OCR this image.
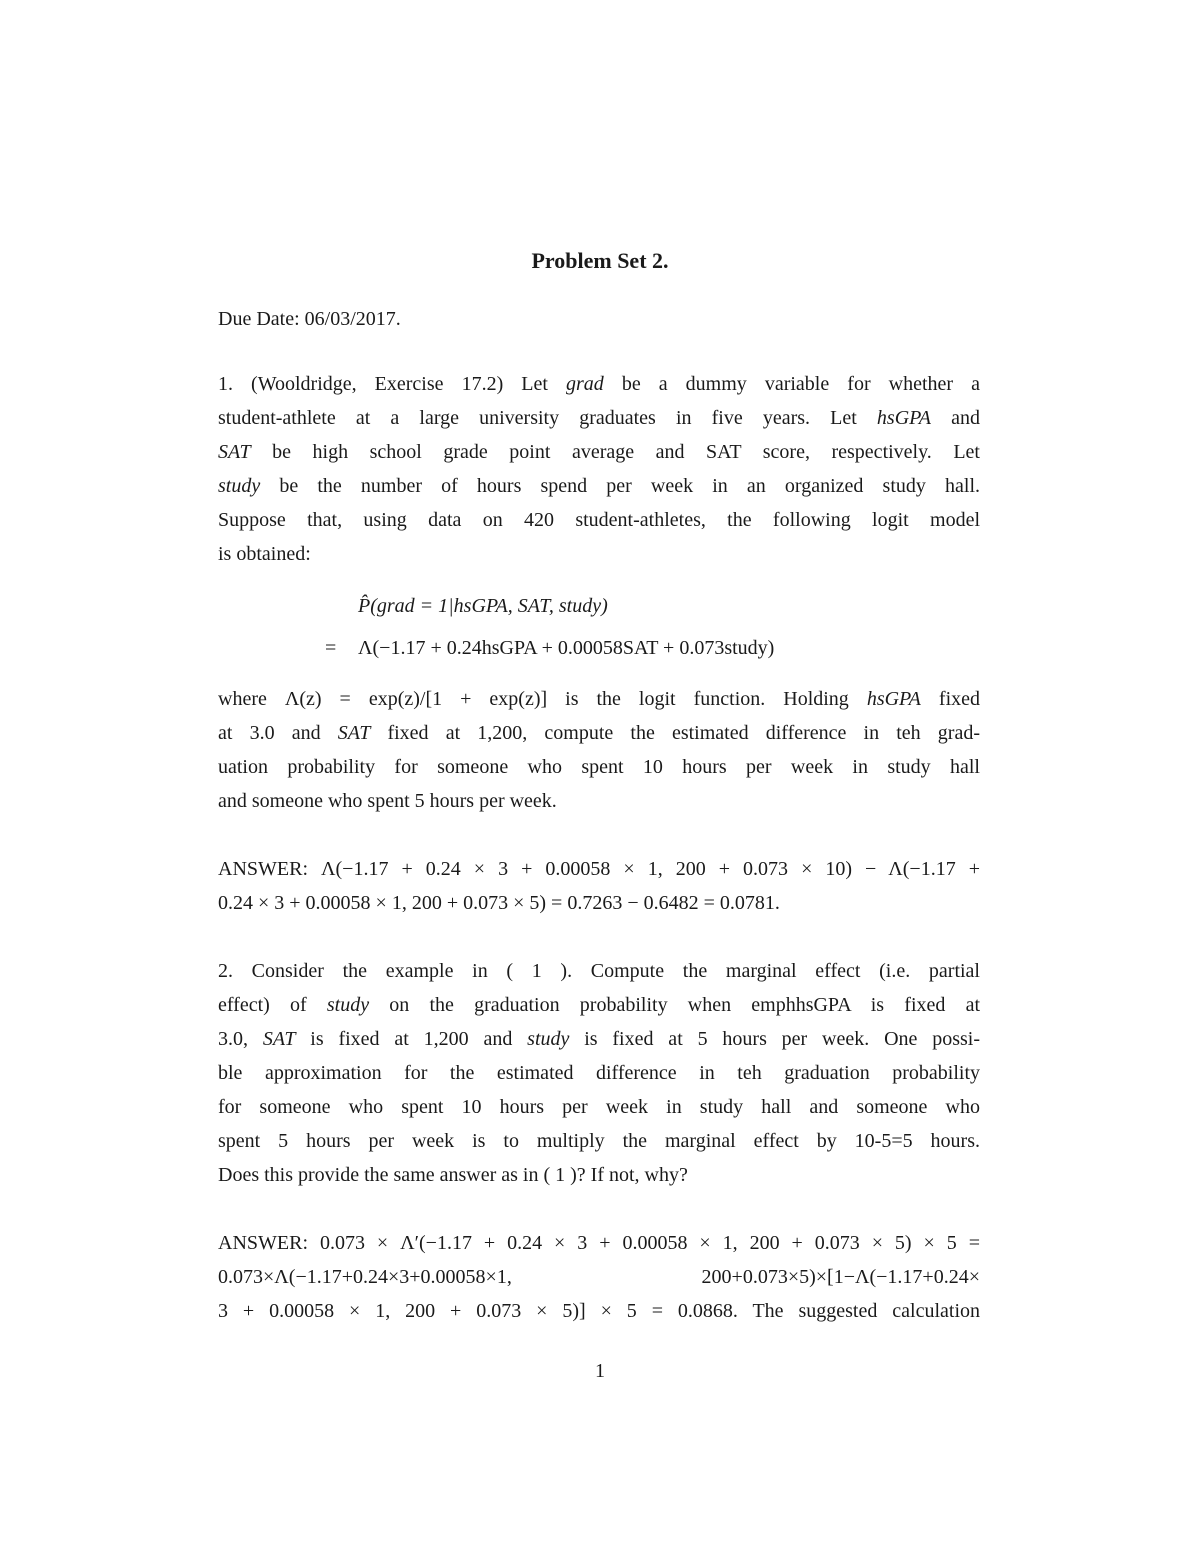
Problem Set 2.
Due Date: 06/03/2017.
1. (Wooldridge, Exercise 17.2) Let grad be a dummy variable for whether a
student-athlete at a large university graduates in five years. Let hsGPA and
SAT be high school grade point average and SAT score, respectively. Let
study be the number of hours spend per week in an organized study hall.
Suppose that, using data on 420 student-athletes, the following logit model
is obtained:
P̂(grad = 1|hsGPA, SAT, study)
= Λ(−1.17 + 0.24hsGPA + 0.00058SAT + 0.073study)
where Λ(z) = exp(z)/[1 + exp(z)] is the logit function. Holding hsGPA fixed
at 3.0 and SAT fixed at 1,200, compute the estimated difference in teh grad-
uation probability for someone who spent 10 hours per week in study hall
and someone who spent 5 hours per week.
ANSWER: Λ(−1.17 + 0.24 × 3 + 0.00058 × 1, 200 + 0.073 × 10) − Λ(−1.17 +
0.24 × 3 + 0.00058 × 1, 200 + 0.073 × 5) = 0.7263 − 0.6482 = 0.0781.
2. Consider the example in ( 1 ). Compute the marginal effect (i.e. partial
effect) of study on the graduation probability when emphhsGPA is fixed at
3.0, SAT is fixed at 1,200 and study is fixed at 5 hours per week. One possi-
ble approximation for the estimated difference in teh graduation probability
for someone who spent 10 hours per week in study hall and someone who
spent 5 hours per week is to multiply the marginal effect by 10-5=5 hours.
Does this provide the same answer as in ( 1 )? If not, why?
ANSWER: 0.073 × Λ′(−1.17 + 0.24 × 3 + 0.00058 × 1, 200 + 0.073 × 5) × 5 =
0.073×Λ(−1.17+0.24×3+0.00058×1, 200+0.073×5)×[1−Λ(−1.17+0.24×
3 + 0.00058 × 1, 200 + 0.073 × 5)] × 5 = 0.0868. The suggested calculation
1
